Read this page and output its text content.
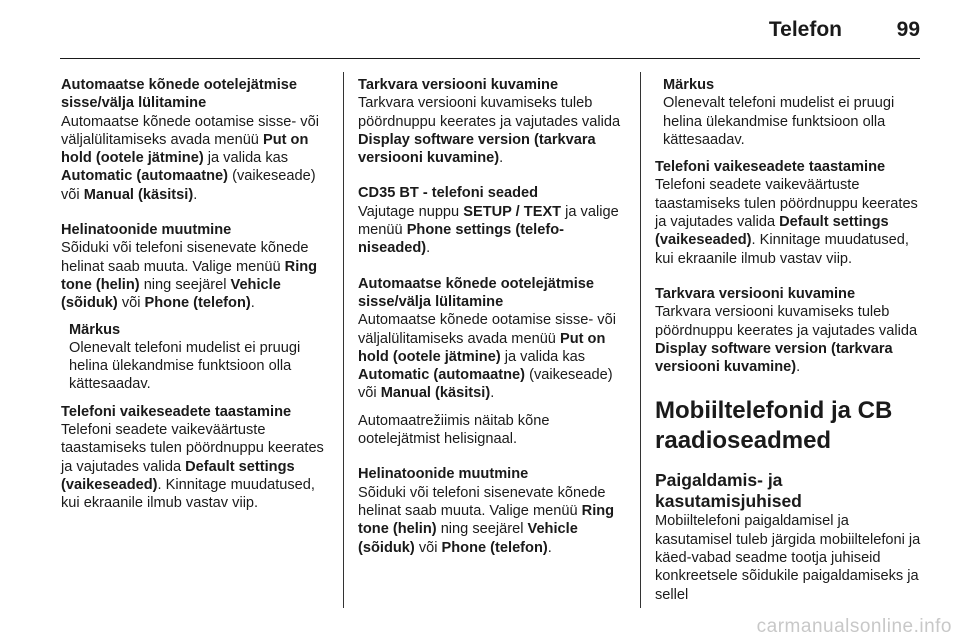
Telefon	99
Automaatse kõnede ootelejätmise sisse/välja lülitamine
Automaatse kõnede ootamise sisse- või väljalülitamiseks avada menüü Put on hold (ootele jätmine) ja valida kas Automatic (automaatne) (vaikeseade) või Manual (käsitsi).
Helinatoonide muutmine
Sõiduki või telefoni sisenevate kõnede helinat saab muuta. Valige menüü Ring tone (helin) ning seejärel Vehicle (sõiduk) või Phone (telefon).
Märkus
Olenevalt telefoni mudelist ei pruugi helina ülekandmise funktsioon olla kättesaadav.
Telefoni vaikeseadete taastamine
Telefoni seadete vaikeväärtuste taastamiseks tulen pöördnuppu keerates ja vajutades valida Default settings (vaikeseaded). Kinnitage muudatused, kui ekraanile ilmub vastav viip.
Tarkvara versiooni kuvamine
Tarkvara versiooni kuvamiseks tuleb pöördnuppu keerates ja vajutades valida Display software version (tarkvara versiooni kuvamine).
CD35 BT - telefoni seaded
Vajutage nuppu SETUP / TEXT ja valige menüü Phone settings (telefo-niseaded).
Automaatse kõnede ootelejätmise sisse/välja lülitamine
Automaatse kõnede ootamise sisse- või väljalülitamiseks avada menüü Put on hold (ootele jätmine) ja valida kas Automatic (automaatne) (vaikeseade) või Manual (käsitsi).
Automaatrežiimis näitab kõne ootelejätmist helisignaal.
Helinatoonide muutmine
Sõiduki või telefoni sisenevate kõnede helinat saab muuta. Valige menüü Ring tone (helin) ning seejärel Vehicle (sõiduk) või Phone (telefon).
Märkus
Olenevalt telefoni mudelist ei pruugi helina ülekandmise funktsioon olla kättesaadav.
Telefoni vaikeseadete taastamine
Telefoni seadete vaikeväärtuste taastamiseks tulen pöördnuppu keerates ja vajutades valida Default settings (vaikeseaded). Kinnitage muudatused, kui ekraanile ilmub vastav viip.
Tarkvara versiooni kuvamine
Tarkvara versiooni kuvamiseks tuleb pöördnuppu keerates ja vajutades valida Display software version (tarkvara versiooni kuvamine).
Mobiiltelefonid ja CB raadioseadmed
Paigaldamis- ja kasutamisjuhised
Mobiiltelefoni paigaldamisel ja kasutamisel tuleb järgida mobiiltelefoni ja käed-vabad seadme tootja juhiseid konkreetsele sõidukile paigaldamiseks ja sellel
carmanualsonline.info
